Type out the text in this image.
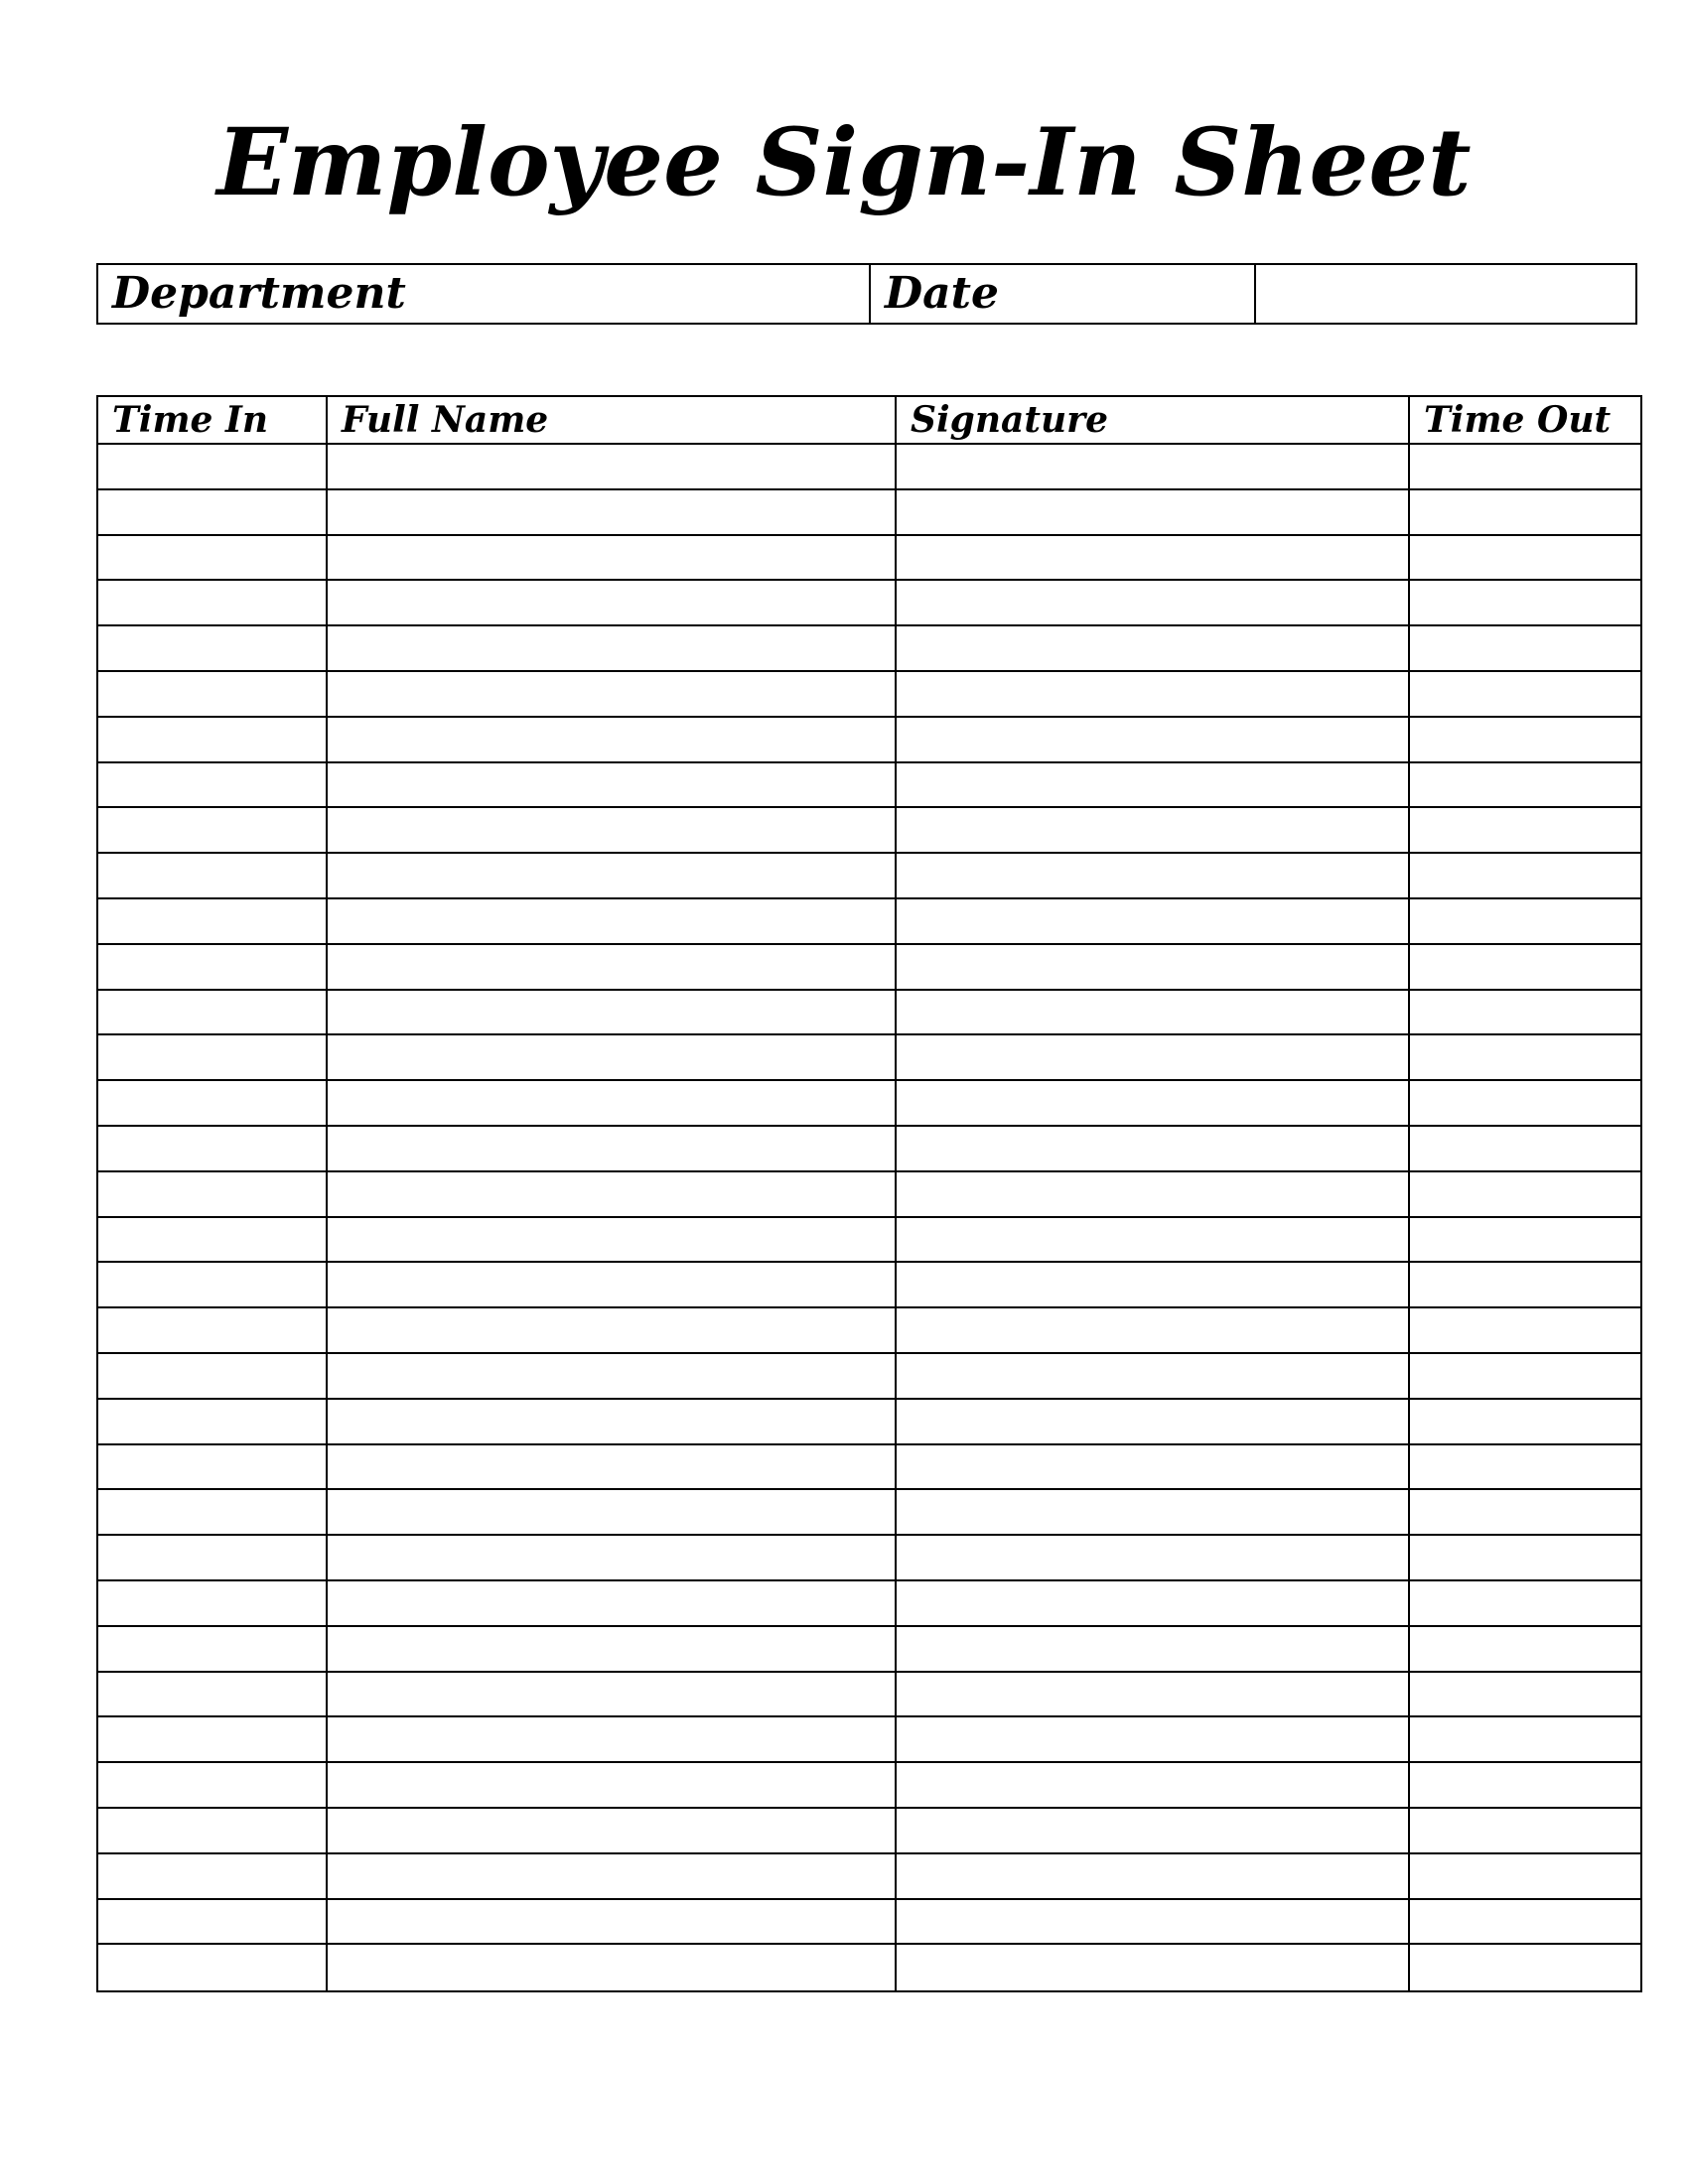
Employee Sign-In Sheet
Department	Date
Time In	Full Name	Signature	Time Out
